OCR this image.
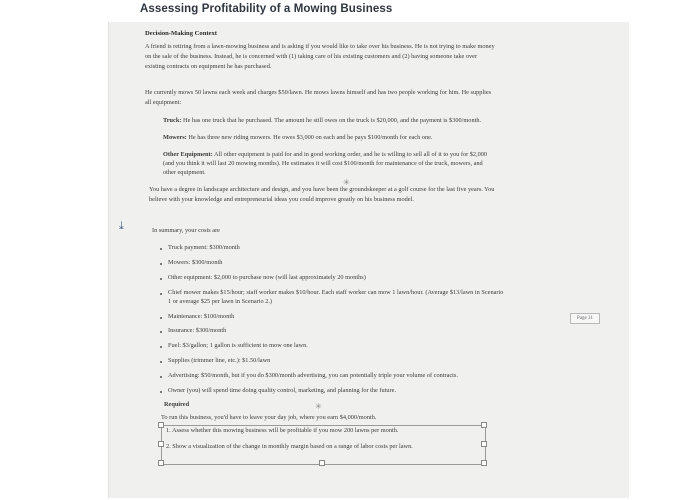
Assessing Profitability of a Mowing Business
Decision-Making Context
A friend is retiring from a lawn-mowing business and is asking if you would like to take over his business. He is not trying to make money
on the sale of the business. Instead, he is concerned with (1) taking care of his existing customers and (2) having someone take over
existing contracts on equipment he has purchased.
He currently mows 50 lawns each week and charges $50/lawn. He mows lawns himself and has two people working for him. He supplies
all equipment:
Truck: He has one truck that he purchased. The amount he still owes on the truck is $20,000, and the payment is $300/month.
Mowers: He has three new riding mowers. He owes $3,000 on each and he pays $100/month for each one.
Other Equipment: All other equipment is paid for and in good working order, and he is willing to sell all of it to you for $2,000
(and you think it will last 20 mowing months). He estimates it will cost $100/month for maintenance of the truck, mowers, and
other equipment.
✳
You have a degree in landscape architecture and design, and you have been the groundskeeper at a golf course for the last five years. You
believe with your knowledge and entrepreneurial ideas you could improve greatly on his business model.
⤓	In summary, your costs are
Truck payment: $300/month
Mowers: $300/month
Other equipment: $2,000 to purchase now (will last approximately 20 months)
Chief mower makes $15/hour; staff worker makes $10/hour. Each staff worker can mow 1 lawn/hour. (Average $13/lawn in Scenario
1 or average $25 per lawn in Scenario 2.)
Maintenance: $100/month
Insurance: $300/month
Fuel: $3/gallon; 1 gallon is sufficient to mow one lawn.
Supplies (trimmer line, etc.): $1.50/lawn
Advertising: $50/month, but if you do $300/month advertising, you can potentially triple your volume of contracts.
Owner (you) will spend time doing quality control, marketing, and planning for the future.
Page 31
Required
To run this business, you'd have to leave your day job, where you earn $4,000/month.
✳
1. Assess whether this mowing business will be profitable if you mow 200 lawns per month.
2. Show a visualization of the change in monthly margin based on a range of labor costs per lawn.
